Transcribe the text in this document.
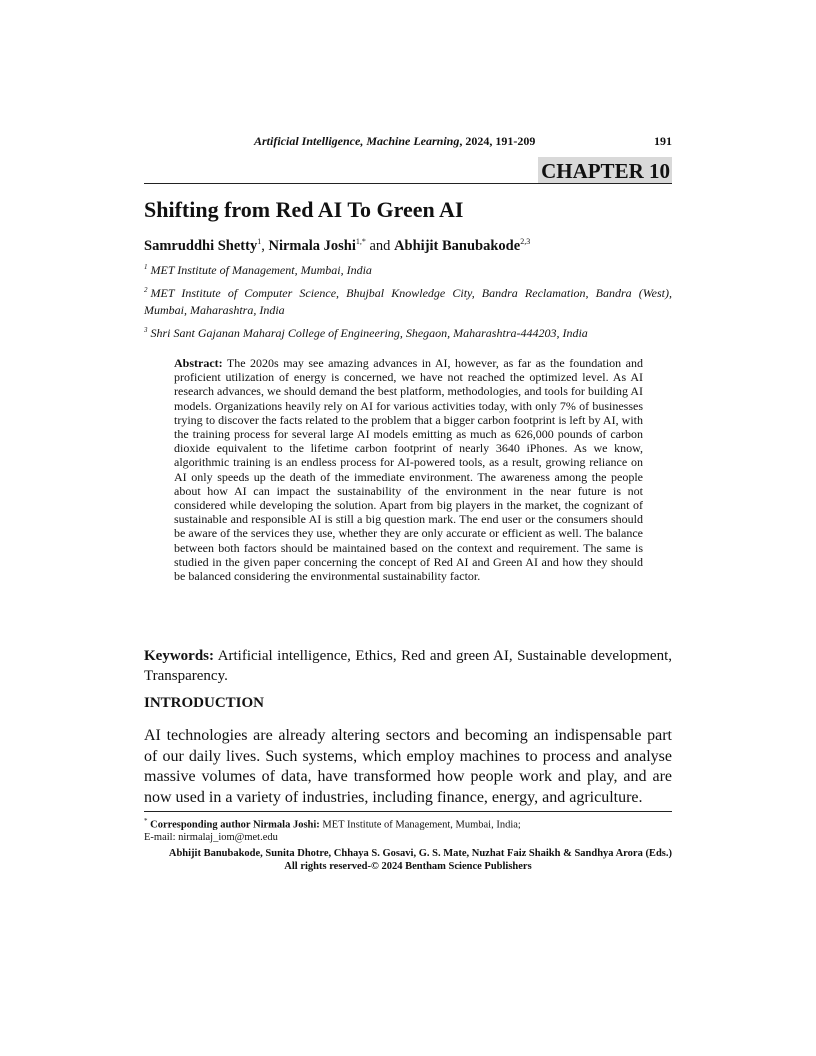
Artificial Intelligence, Machine Learning, 2024, 191-209	191
CHAPTER 10
Shifting from Red AI To Green AI
Samruddhi Shetty$^1$, Nirmala Joshi$^{1,*}$ and Abhijit Banubakode$^{2,3}$

$^1$ MET Institute of Management, Mumbai, India

$^2$ MET Institute of Computer Science, Bhujbal Knowledge City, Bandra Reclamation, Bandra (West), Mumbai, Maharashtra, India

$^3$ Shri Sant Gajanan Maharaj College of Engineering, Shegaon, Maharashtra-444203, India

Abstract: The 2020s may see amazing advances in AI, however, as far as the foundation and proficient utilization of energy is concerned, we have not reached the optimized level. As AI research advances, we should demand the best platform, methodologies, and tools for building AI models. Organizations heavily rely on AI for various activities today, with only 7% of businesses trying to discover the facts related to the problem that a bigger carbon footprint is left by AI, with the training process for several large AI models emitting as much as 626,000 pounds of carbon dioxide equivalent to the lifetime carbon footprint of nearly 3640 iPhones. As we know, algorithmic training is an endless process for AI-powered tools, as a result, growing reliance on AI only speeds up the death of the immediate environment. The awareness among the people about how AI can impact the sustainability of the environment in the near future is not considered while developing the solution. Apart from big players in the market, the cognizant of sustainable and responsible AI is still a big question mark. The end user or the consumers should be aware of the services they use, whether they are only accurate or efficient as well. The balance between both factors should be maintained based on the context and requirement. The same is studied in the given paper concerning the concept of Red AI and Green AI and how they should be balanced considering the environmental sustainability factor.

Keywords: Artificial intelligence, Ethics, Red and green AI, Sustainable development, Transparency.

INTRODUCTION

AI technologies are already altering sectors and becoming an indispensable part of our daily lives. Such systems, which employ machines to process and analyse massive volumes of data, have transformed how people work and play, and are now used in a variety of industries, including finance, energy, and agriculture.

* Corresponding author Nirmala Joshi: MET Institute of Management, Mumbai, India;
E-mail: nirmalaj_iom@met.edu
Abhijit Banubakode, Sunita Dhotre, Chhaya S. Gosavi, G. S. Mate, Nuzhat Faiz Shaikh & Sandhya Arora (Eds.)
All rights reserved-© 2024 Bentham Science Publishers
